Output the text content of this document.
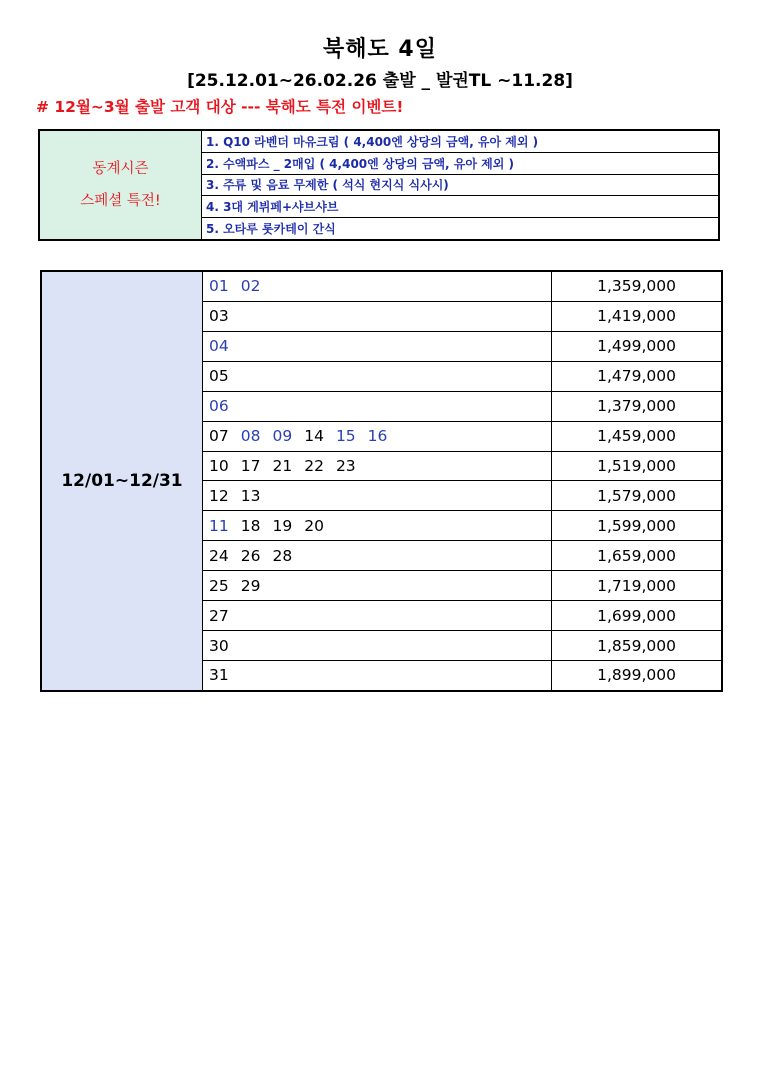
북해도 4일
[25.12.01~26.02.26 출발 _ 발권TL ~11.28]
# 12월~3월 출발 고객 대상 --- 북해도 특전 이벤트!
동계시즌
스페셜 특전!
1. Q10 라벤더 마유크림 ( 4,400엔 상당의 금액, 유아 제외 )
2. 수액파스 _ 2매입 ( 4,400엔 상당의 금액, 유아 제외 )
3. 주류 및 음료 무제한 ( 석식 현지식 식사시)
4. 3대 게뷔페+샤브샤브
5. 오타루 롯카테이 간식
12/01~12/31
01 02	1,359,000
03	1,419,000
04	1,499,000
05	1,479,000
06	1,379,000
07 08 09 14 15 16	1,459,000
10 17 21 22 23	1,519,000
12 13	1,579,000
11 18 19 20	1,599,000
24 26 28	1,659,000
25 29	1,719,000
27	1,699,000
30	1,859,000
31	1,899,000
